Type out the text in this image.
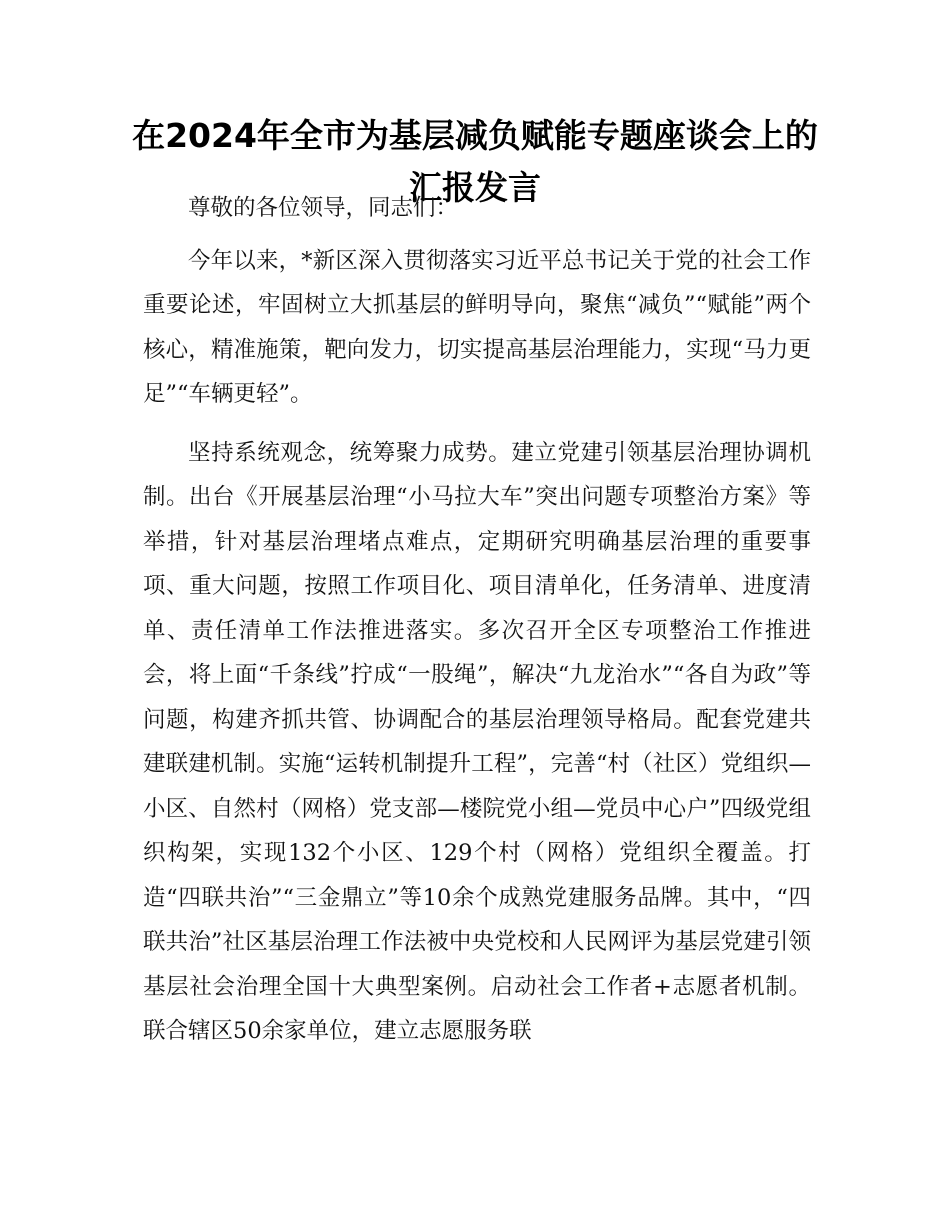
在2024年全市为基层减负赋能专题座谈会上的汇报发言

尊敬的各位领导，同志们：

今年以来，*新区深入贯彻落实习近平总书记关于党的社会工作重要论述，牢固树立大抓基层的鲜明导向，聚焦“减负”“赋能”两个核心，精准施策，靶向发力，切实提高基层治理能力，实现“马力更足”“车辆更轻”。

坚持系统观念，统筹聚力成势。建立党建引领基层治理协调机制。出台《开展基层治理“小马拉大车”突出问题专项整治方案》等举措，针对基层治理堵点难点，定期研究明确基层治理的重要事项、重大问题，按照工作项目化、项目清单化，任务清单、进度清单、责任清单工作法推进落实。多次召开全区专项整治工作推进会，将上面“千条线”拧成“一股绳”，解决“九龙治水”“各自为政”等问题，构建齐抓共管、协调配合的基层治理领导格局。配套党建共建联建机制。实施“运转机制提升工程”，完善“村（社区）党组织—小区、自然村（网格）党支部—楼院党小组—党员中心户”四级党组织构架，实现132个小区、129个村（网格）党组织全覆盖。打造“四联共治”“三金鼎立”等10余个成熟党建服务品牌。其中，“四联共治”社区基层治理工作法被中央党校和人民网评为基层党建引领基层社会治理全国十大典型案例。启动社会工作者+志愿者机制。联合辖区50余家单位，建立志愿服务联
